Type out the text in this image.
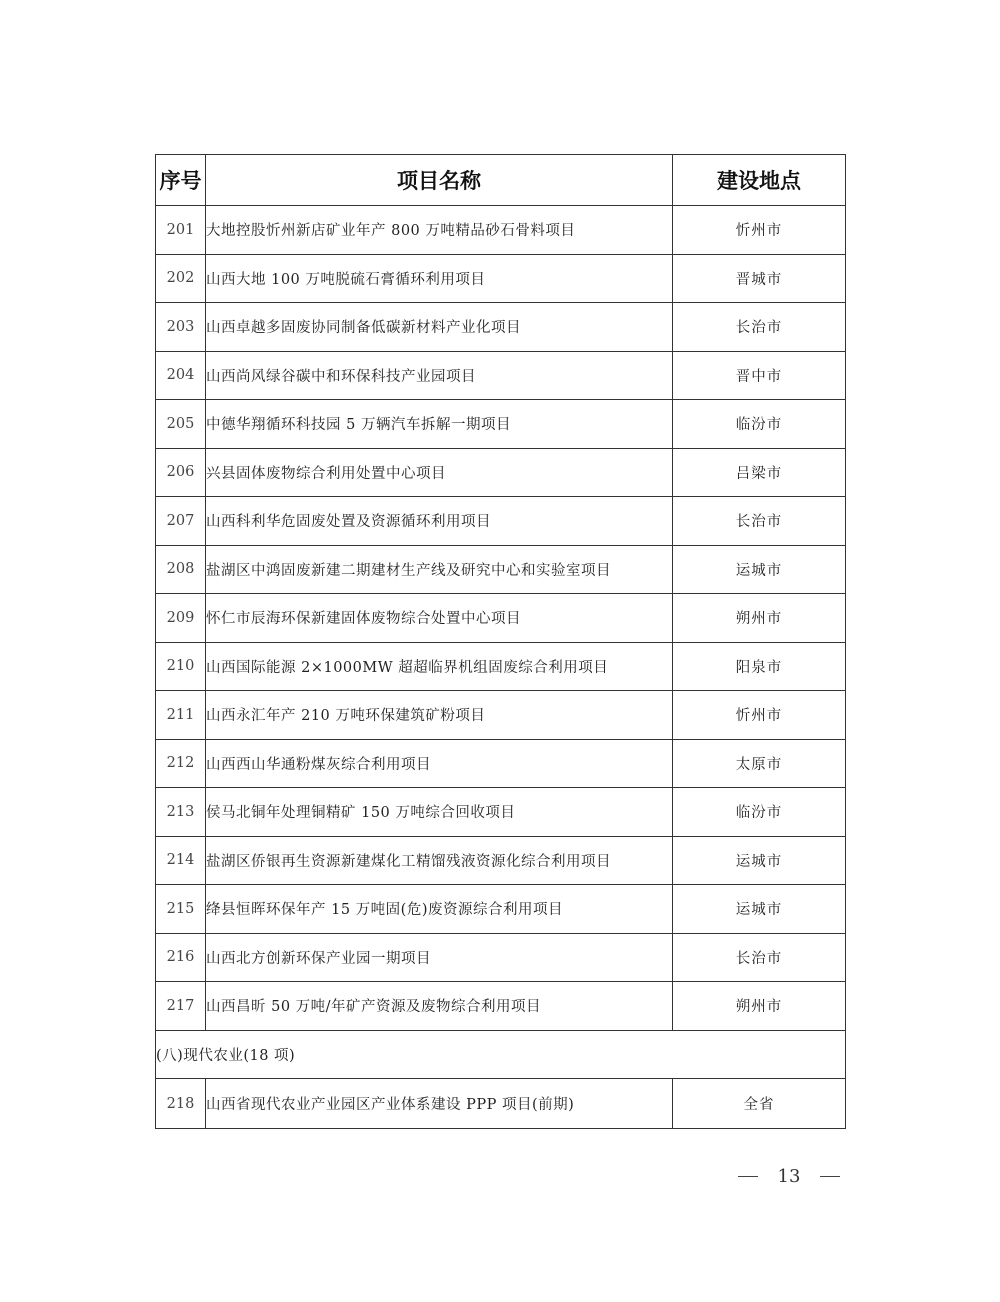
序号	项目名称	建设地点
201	大地控股忻州新店矿业年产 800 万吨精品砂石骨料项目	忻州市
202	山西大地 100 万吨脱硫石膏循环利用项目	晋城市
203	山西卓越多固废协同制备低碳新材料产业化项目	长治市
204	山西尚风绿谷碳中和环保科技产业园项目	晋中市
205	中德华翔循环科技园 5 万辆汽车拆解一期项目	临汾市
206	兴县固体废物综合利用处置中心项目	吕梁市
207	山西科利华危固废处置及资源循环利用项目	长治市
208	盐湖区中鸿固废新建二期建材生产线及研究中心和实验室项目	运城市
209	怀仁市辰海环保新建固体废物综合处置中心项目	朔州市
210	山西国际能源 2×1000MW 超超临界机组固废综合利用项目	阳泉市
211	山西永汇年产 210 万吨环保建筑矿粉项目	忻州市
212	山西西山华通粉煤灰综合利用项目	太原市
213	侯马北铜年处理铜精矿 150 万吨综合回收项目	临汾市
214	盐湖区侨银再生资源新建煤化工精馏残液资源化综合利用项目	运城市
215	绛县恒晖环保年产 15 万吨固(危)废资源综合利用项目	运城市
216	山西北方创新环保产业园一期项目	长治市
217	山西昌昕 50 万吨/年矿产资源及废物综合利用项目	朔州市
(八)现代农业(18 项)		
218	山西省现代农业产业园区产业体系建设 PPP 项目(前期)	全省
13
